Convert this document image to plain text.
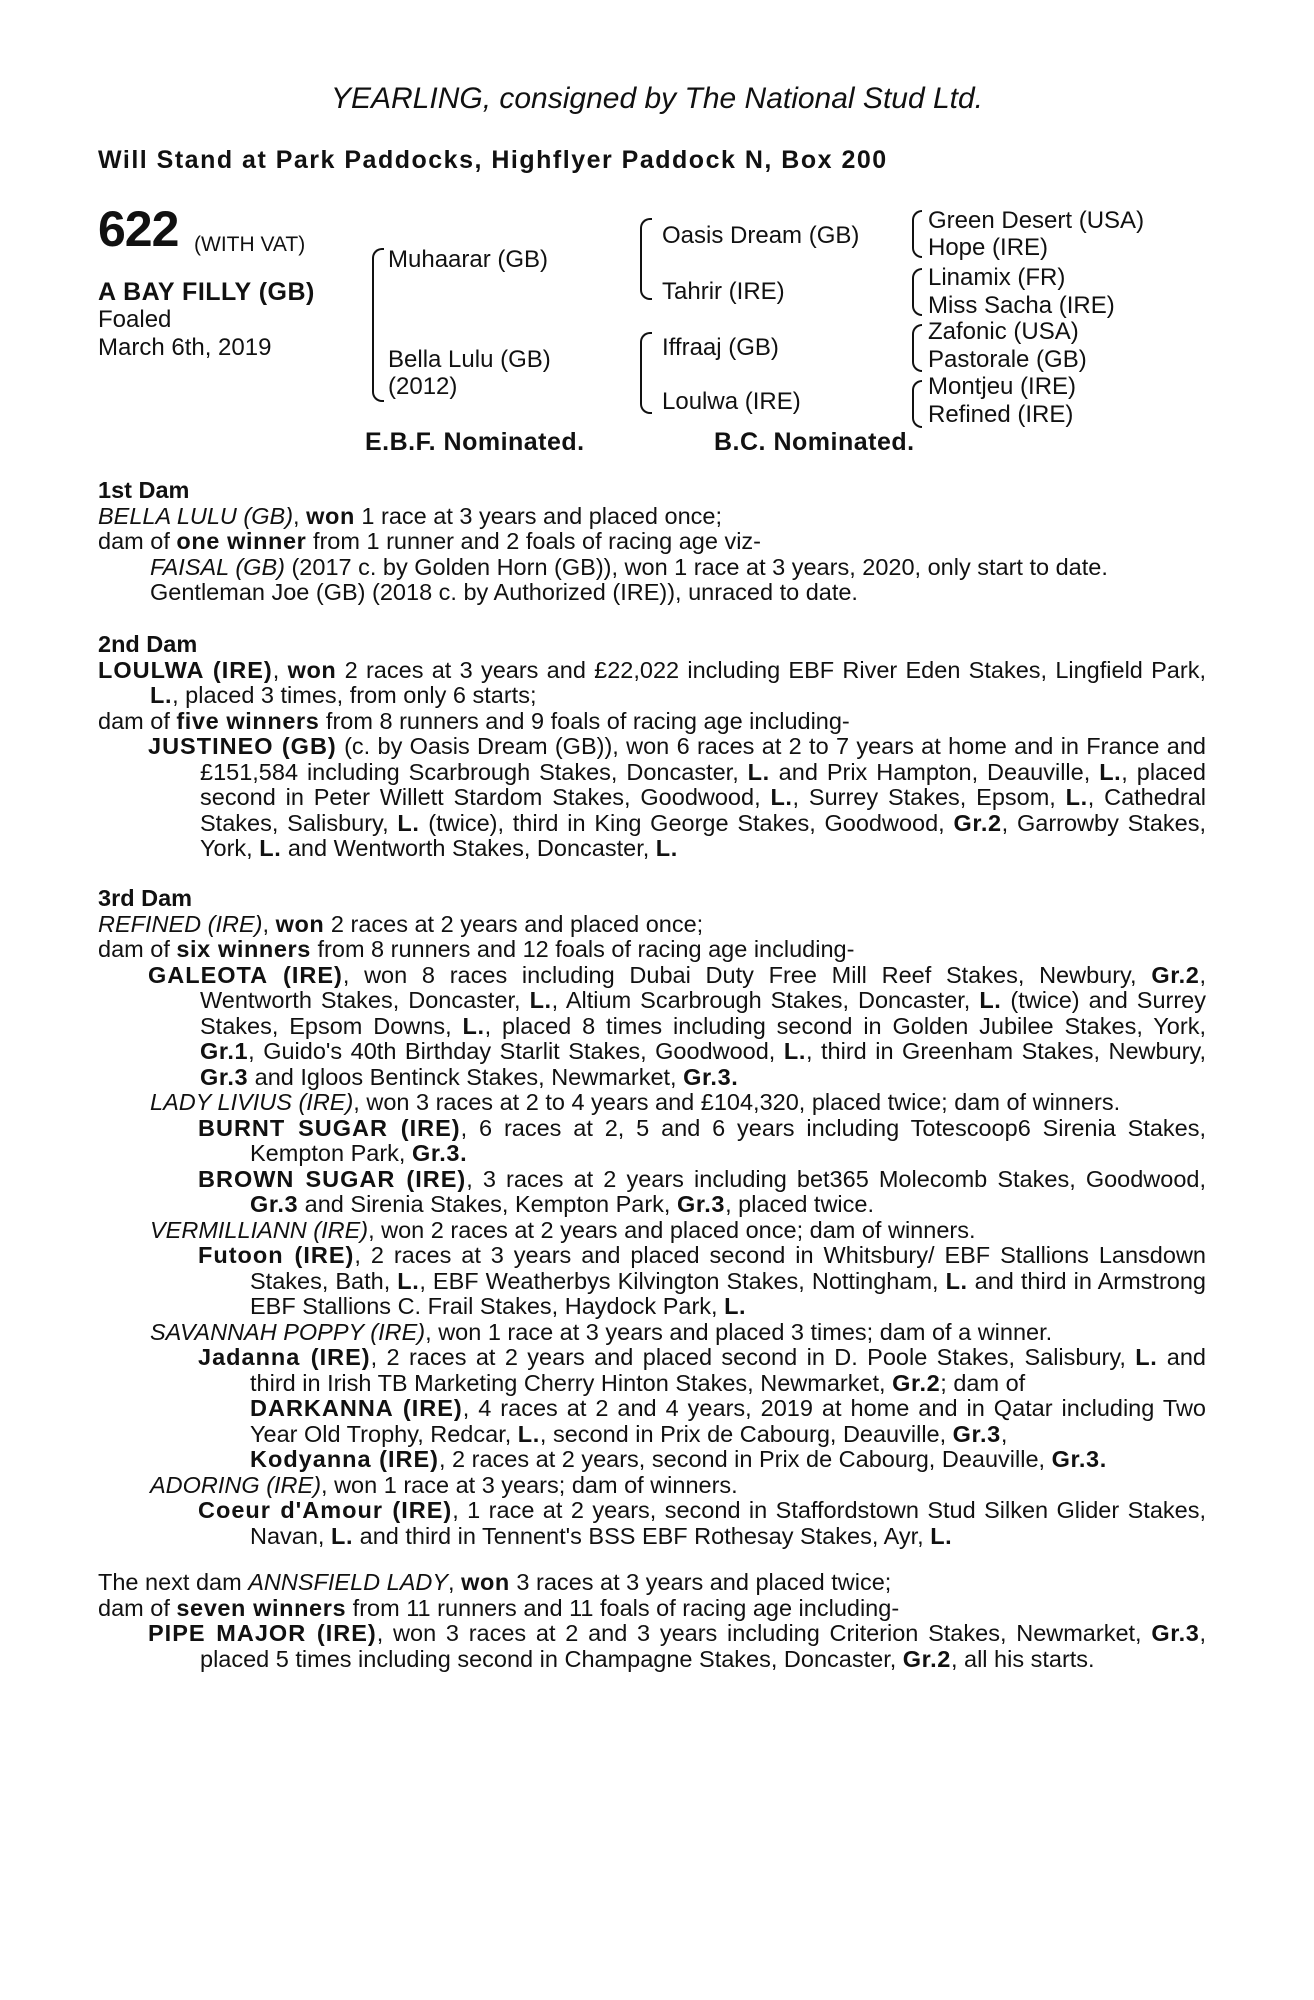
YEARLING, consigned by The National Stud Ltd.
Will Stand at Park Paddocks, Highflyer Paddock N, Box 200
622 (WITH VAT)
A BAY FILLY (GB)
Foaled
March 6th, 2019
Muhaarar (GB)
Bella Lulu (GB)
(2012)
Oasis Dream (GB)
Tahrir (IRE)
Iffraaj (GB)
Loulwa (IRE)
Green Desert (USA)
Hope (IRE)
Linamix (FR)
Miss Sacha (IRE)
Zafonic (USA)
Pastorale (GB)
Montjeu (IRE)
Refined (IRE)
E.B.F. Nominated.	B.C. Nominated.

1st Dam

BELLA LULU (GB), won 1 race at 3 years and placed once;

dam of one winner from 1 runner and 2 foals of racing age viz-

FAISAL (GB) (2017 c. by Golden Horn (GB)), won 1 race at 3 years, 2020, only start to date.

Gentleman Joe (GB) (2018 c. by Authorized (IRE)), unraced to date.

2nd Dam

LOULWA (IRE), won 2 races at 3 years and £22,022 including EBF River Eden Stakes, Lingfield Park, L., placed 3 times, from only 6 starts;

dam of five winners from 8 runners and 9 foals of racing age including-

JUSTINEO (GB) (c. by Oasis Dream (GB)), won 6 races at 2 to 7 years at home and in France and £151,584 including Scarbrough Stakes, Doncaster, L. and Prix Hampton, Deauville, L., placed second in Peter Willett Stardom Stakes, Goodwood, L., Surrey Stakes, Epsom, L., Cathedral Stakes, Salisbury, L. (twice), third in King George Stakes, Goodwood, Gr.2, Garrowby Stakes, York, L. and Wentworth Stakes, Doncaster, L.

3rd Dam

REFINED (IRE), won 2 races at 2 years and placed once;

dam of six winners from 8 runners and 12 foals of racing age including-

GALEOTA (IRE), won 8 races including Dubai Duty Free Mill Reef Stakes, Newbury, Gr.2, Wentworth Stakes, Doncaster, L., Altium Scarbrough Stakes, Doncaster, L. (twice) and Surrey Stakes, Epsom Downs, L., placed 8 times including second in Golden Jubilee Stakes, York, Gr.1, Guido's 40th Birthday Starlit Stakes, Goodwood, L., third in Greenham Stakes, Newbury, Gr.3 and Igloos Bentinck Stakes, Newmarket, Gr.3.

LADY LIVIUS (IRE), won 3 races at 2 to 4 years and £104,320, placed twice; dam of winners.

BURNT SUGAR (IRE), 6 races at 2, 5 and 6 years including Totescoop6 Sirenia Stakes, Kempton Park, Gr.3.

BROWN SUGAR (IRE), 3 races at 2 years including bet365 Molecomb Stakes, Goodwood, Gr.3 and Sirenia Stakes, Kempton Park, Gr.3, placed twice.

VERMILLIANN (IRE), won 2 races at 2 years and placed once; dam of winners.

Futoon (IRE), 2 races at 3 years and placed second in Whitsbury/ EBF Stallions Lansdown Stakes, Bath, L., EBF Weatherbys Kilvington Stakes, Nottingham, L. and third in Armstrong EBF Stallions C. Frail Stakes, Haydock Park, L.

SAVANNAH POPPY (IRE), won 1 race at 3 years and placed 3 times; dam of a winner.

Jadanna (IRE), 2 races at 2 years and placed second in D. Poole Stakes, Salisbury, L. and third in Irish TB Marketing Cherry Hinton Stakes, Newmarket, Gr.2; dam of

DARKANNA (IRE), 4 races at 2 and 4 years, 2019 at home and in Qatar including Two Year Old Trophy, Redcar, L., second in Prix de Cabourg, Deauville, Gr.3,

Kodyanna (IRE), 2 races at 2 years, second in Prix de Cabourg, Deauville, Gr.3.

ADORING (IRE), won 1 race at 3 years; dam of winners.

Coeur d'Amour (IRE), 1 race at 2 years, second in Staffordstown Stud Silken Glider Stakes, Navan, L. and third in Tennent's BSS EBF Rothesay Stakes, Ayr, L.

The next dam ANNSFIELD LADY, won 3 races at 3 years and placed twice;

dam of seven winners from 11 runners and 11 foals of racing age including-

PIPE MAJOR (IRE), won 3 races at 2 and 3 years including Criterion Stakes, Newmarket, Gr.3, placed 5 times including second in Champagne Stakes, Doncaster, Gr.2, all his starts.
